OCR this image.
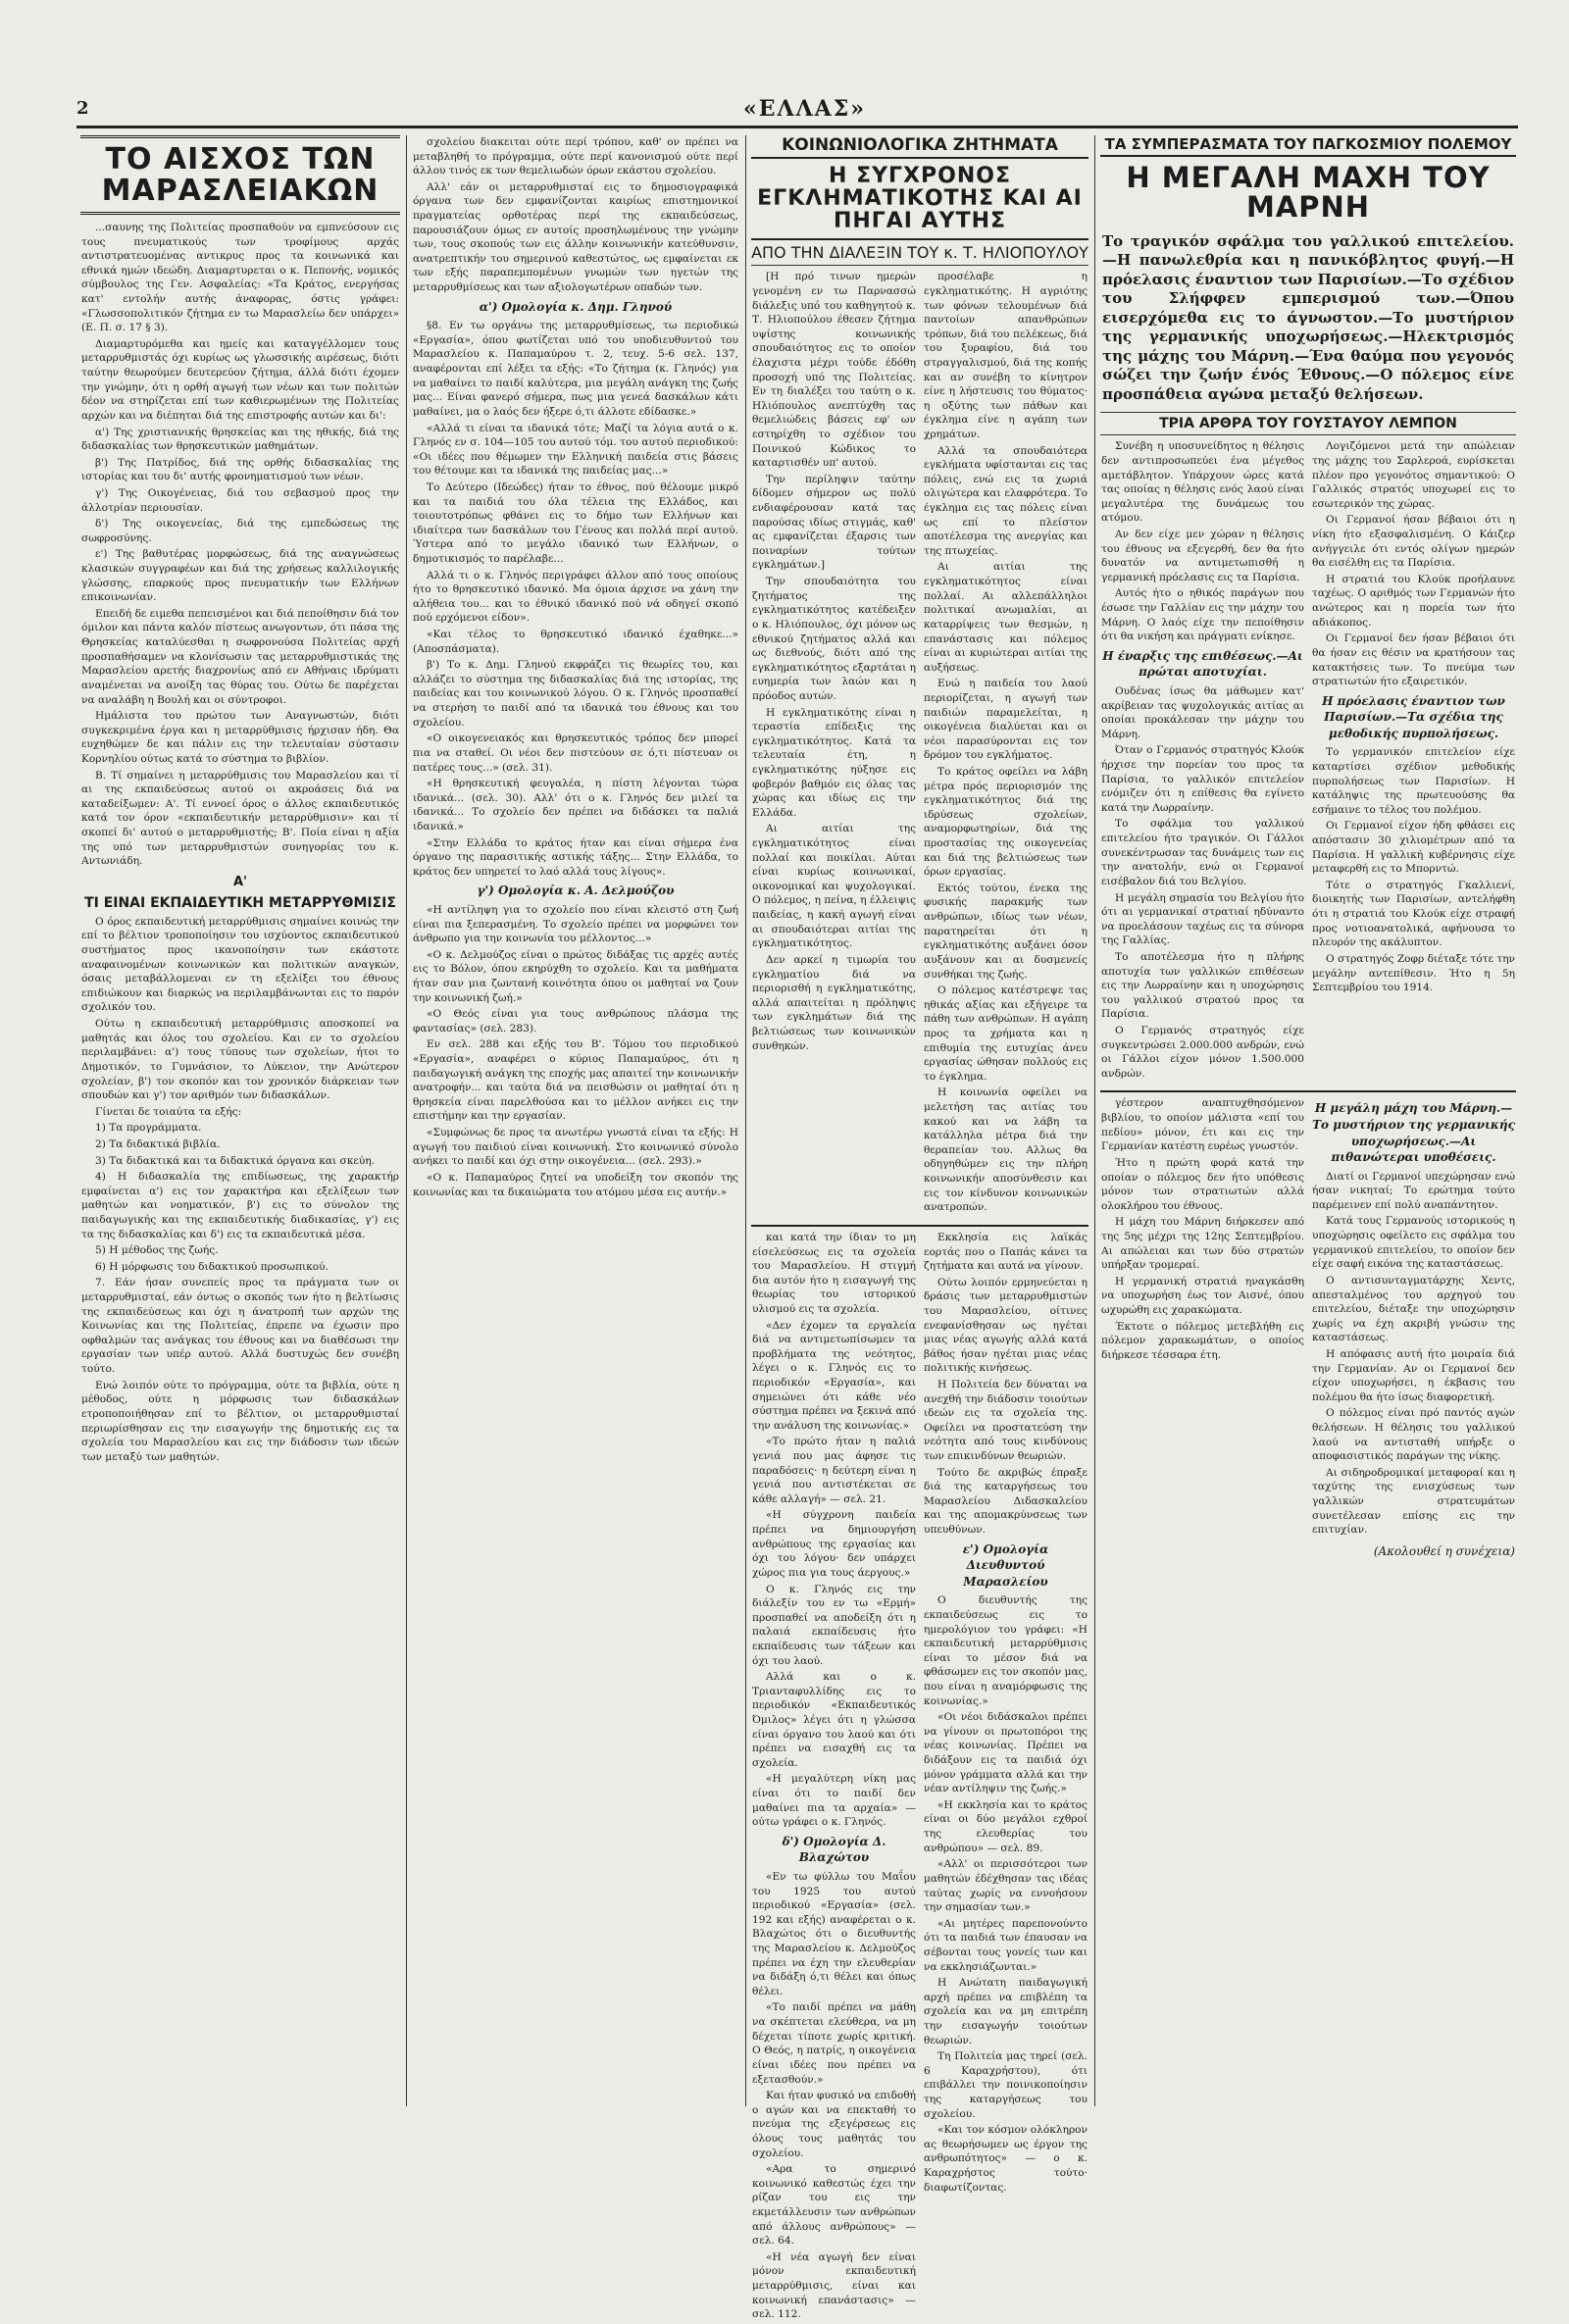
2	«ΕΛΛΑΣ»
ΤΟ ΑΙΣΧΟΣ ΤΩΝ ΜΑΡΑΣΛΕΙΑΚΩΝ

...σαυνης της Πολιτείας προσπαθούν να εμπνεύσουν εις τους πνευματικούς των τροφίμους αρχάς αντιστρατευομένας αντικρυς προς τα κοινωνικά και εθνικά ημών ιδεώδη. Διαμαρτυρεται ο κ. Πεπονής, νομικός σύμβουλος της Γεν. Ασφαλείας: «Τα Κράτος, ενεργήσας κατ' εντολήν αυτής άναφορας, όστις γράφει: «Γλωσσοπολιτικόν ζήτημα εν τω Μαρασλείω δεν υπάρχει» (Ε. Π. σ. 17 § 3).

Διαμαρτυρόμεθα και ημείς και καταγγέλλομεν τους μεταρρυθμιστάς όχι κυρίως ως γλωσσικής αιρέσεως, διότι ταύτην θεωρούμεν δευτερεύον ζήτημα, άλλά διότι έχομεν την γνώμην, ότι η ορθή αγωγή των νέων και των πολιτών δέον να στηρίζεται επί των καθιερωμένων της Πολιτείας αρχών και να διέπηται διά της επιστροφής αυτών και δι':

α') Της χριστιανικής θρησκείας και της ηθικής, διά της διδασκαλίας των θρησκευτικών μαθημάτων.

β') Της Πατρίδος, διά της ορθής διδασκαλίας της ιστορίας και του δι' αυτής φρονηματισμού των νέων.

γ') Της Οικογένειας, διά του σεβασμού προς την άλλοτρίαν περιουσίαν.

δ') Της οικογενείας, διά της εμπεδώσεως της σωφροσύνης.

ε') Της βαθυτέρας μορφώσεως, διά της αναγνώσεως κλασικών συγγραφέων και διά της χρήσεως καλλιλογικής γλώσσης, επαρκούς προς πνευματικήν των Ελλήνων επικοινωνίαν.

Επειδή δε ειμεθα πεπεισμένοι και διά πεποίθησιν διά τον όμιλον και πάντα καλόν πίστεως ανωγοντων, ότι πάσα της Θρησκείας καταλύεσθαι η σωφρονούσα Πολιτείας αρχή προσπαθήσαμεν να κλονίσωσιν τας μεταρρυθμιστικάς της Μαρασλείου αρετής διαχρονίως από εν Αθήναις ιδρύματι αναμένεται να ανοίξη τας θύρας του. Ούτω δε παρέχεται να αναλάβη η Βουλή και οι σύντροφοι.

Ημάλιστα του πρώτου των Αναγνωστών, διότι συγκεκριμένα έργα και η μεταρρύθμισις ήρχισαν ήδη. Θα ευχηθώμεν δε και πάλιν εις την τελευταίαν σύστασιν Κορνηλίου ούτως κατά το σύστημα το βιβλίον.

Β. Τί σημαίνει η μεταρρύθμισις του Μαρασλείου και τί αι της εκπαιδεύσεως αυτού οι ακροάσεις διά να καταδείξωμεν: Α'. Τί εννοεί όρος ο άλλος εκπαιδευτικός κατά τον όρον «εκπαιδευτικήν μεταρρύθμισιν» και τί σκοπεί δι' αυτού ο μεταρρυθμιστής; Β'. Ποία είναι η αξία της υπό των μεταρρυθμιστών συνηγορίας του κ. Αντωνιάδη.

Α'
ΤΙ ΕΙΝΑΙ ΕΚΠΑΙΔΕΥΤΙΚΗ ΜΕΤΑΡΡΥΘΜΙΣΙΣ

Ο όρος εκπαιδευτική μεταρρύθμισις σημαίνει κοινώς την επί το βέλτιον τροποποίησιν του ισχύοντος εκπαιδευτικού συστήματος προς ικανοποίησιν των εκάστοτε αναφαινομένων κοινωνικών και πολιτικών αναγκών, όσαις μεταβάλλομεναι εν τη εξελίξει του έθνους επιδιώκουν και διαρκώς να περιλαμβάνωνται εις το παρόν σχολικόν του.

Ούτω η εκπαιδευτική μεταρρύθμισις αποσκοπεί να μαθητάς και όλος του σχολείου. Και εν το σχολείου περιλαμβάνει: α') τους τύπους των σχολείων, ήτοι το Δημοτικόν, το Γυμνάσιον, το Λύκειον, την Ανώτερον σχολείαν, β') τον σκοπόν και τον χρονικόν διάρκειαν των σπουδών και γ') τον αριθμόν των διδασκάλων.

Γίνεται δε τοιαύτα τα εξής:

1) Τα προγράμματα.

2) Τα διδακτικά βιβλία.

3) Τα διδακτικά και τα διδακτικά όργανα και σκεύη.

4) Η διδασκαλία της επιδίωσεως, της χαρακτήρ εμφαίνεται α') εις τον χαρακτήρα και εξελίξεων των μαθητών και νοηματικόν, β') εις το σύνολον της παιδαγωγικής και της εκπαιδευτικής διαδικασίας, γ') εις τα της διδασκαλίας και δ') εις τα εκπαιδευτικά μέσα.

5) Η μέθοδος της ζωής.

6) Η μόρφωσις του διδακτικού προσωπικού.

7. Εάν ήσαν συνεπείς προς τα πράγματα των οι μεταρρυθμισταί, εάν όντως ο σκοπός των ήτο η βελτίωσις της εκπαιδεύσεως και όχι η άνατροπή των αρχών της Κοινωνίας και της Πολιτείας, έπρεπε να έχωσιν προ οφθαλμών τας ανάγκας του έθνους και να διαθέσωσι την εργασίαν των υπέρ αυτού. Αλλά δυστυχώς δεν συνέβη τούτο.

Ενώ λοιπόν ούτε το πρόγραμμα, ούτε τα βιβλία, ούτε η μέθοδος, ούτε η μόρφωσις των διδασκάλων ετροποποιήθησαν επί το βέλτιον, οι μεταρρυθμισταί περιωρίσθησαν εις την εισαγωγήν της δημοτικής εις τα σχολεία του Μαρασλείου και εις την διάδοσιν των ιδεών των μεταξύ των μαθητών.

σχολείου διακειται ούτε περί τρόπου, καθ' ον πρέπει να μεταβληθή το πρόγραμμα, ούτε περί κανονισμού ούτε περί άλλου τινός εκ των θεμελιωδών όρων εκάστου σχολείου.

Αλλ' εάν οι μεταρρυθμισταί εις το δημοσιογραφικά όργανα των δεν εμφανίζονται καιρίως επιστημονικοί πραγματείας ορθοτέρας περί της εκπαιδεύσεως, παρουσιάζουν όμως εν αυτοίς προσηλωμένους την γνώμην των, τους σκοπούς των εις άλλην κοινωνικήν κατεύθυνσιν, ανατρεπτικήν του σημερινού καθεστώτος, ως εμφαίνεται εκ των εξής παραπεμπομένων γνωμών των ηγετών της μεταρρυθμίσεως και των αξιολογωτέρων οπαδών των.

α') Ομολογία κ. Δημ. Γληνού

§8. Εν τω οργάνω της μεταρρυθμίσεως, τω περιοδικώ «Εργασία», όπου φωτίζεται υπό του υποδιευθυντού του Μαρασλείου κ. Παπαμαύρου τ. 2, τευχ. 5-6 σελ. 137, αναφέρονται επί λέξει τα εξής: «Το ζήτημα (κ. Γληνός) για να μαθαίνει το παιδί καλύτερα, μια μεγάλη ανάγκη της ζωής μας... Είναι φανερό σήμερα, πως μια γενεά δασκάλων κάτι μαθαίνει, μα ο λαός δεν ήξερε ό,τι άλλοτε εδίδασκε.»

«Αλλά τι είναι τα ιδανικά τότε; Μαζί τα λόγια αυτά ο κ. Γληνός εν σ. 104—105 του αυτού τόμ. του αυτού περιοδικού: «Οι ιδέες που θέμωμεν την Ελληνική παιδεία στις βάσεις του θέτουμε και τα ιδανικά της παιδείας μας...»

Το Δεύτερο (Ιδεώδες) ήταν το έθνος, πού θέλουμε μικρό και τα παιδιά του όλα τέλεια της Ελλάδος, και τοιουτοτρόπως φθάνει εις το δήμο των Ελλήνων και ιδιαίτερα των δασκάλων του Γένους και πολλά περί αυτού. Ύστερα από το μεγάλο ιδανικό των Ελλήνων, ο δημοτικισμός το παρέλαβε...

Αλλά τι ο κ. Γληνός περιγράφει άλλον από τους οποίους ήτο το θρησκευτικό ιδανικό. Μα όμοια άρχισε να χάνη την αλήθεια του... και το έθνικό ιδανικό πού νά οδηγεί σκοπό πού ερχόμενοι είδον».

«Και τέλος το θρησκευτικό ιδανικό έχαθηκε...» (Αποσπάσματα).

β') Το κ. Δημ. Γληνού εκφράζει τις θεωρίες του, και αλλάζει το σύστημα της διδασκαλίας διά της ιστορίας, της παιδείας και του κοινωνικού λόγου. Ο κ. Γληνός προσπαθεί να στερήση το παιδί από τα ιδανικά του έθνους και του σχολείου.

«Ο οικογενειακός και θρησκευτικός τρόπος δεν μπορεί πια να σταθεί. Οι νέοι δεν πιστεύουν σε ό,τι πίστευαν οι πατέρες τους...» (σελ. 31).

«Η θρησκευτική φευγαλέα, η πίστη λέγονται τώρα ιδανικά... (σελ. 30). Αλλ' ότι ο κ. Γληνός δεν μιλεί τα ιδανικά... Το σχολείο δεν πρέπει να διδάσκει τα παλιά ιδανικά.»

«Στην Ελλάδα το κράτος ήταν και είναι σήμερα ένα όργανο της παρασιτικής αστικής τάξης... Στην Ελλάδα, το κράτος δεν υπηρετεί το λαό αλλά τους λίγους».

γ') Ομολογία κ. Α. Δελμούζου

«Η αντίληψη για το σχολείο που είναι κλειστό στη ζωή είναι πια ξεπερασμένη. Το σχολείο πρέπει να μορφώνει τον άνθρωπο για την κοινωνία του μέλλοντος...»

«Ο κ. Δελμούζος είναι ο πρώτος διδάξας τις αρχές αυτές εις το Βόλον, όπου εκηρύχθη το σχολείο. Και τα μαθήματα ήταν σαν μια ζωντανή κοινότητα όπου οι μαθηταί να ζουν την κοινωνική ζωή.»

«Ο Θεός είναι για τους ανθρώπους πλάσμα της φαντασίας» (σελ. 283).

Εν σελ. 288 και εξής του Β'. Τόμου του περιοδικού «Εργασία», αναφέρει ο κύριος Παπαμαύρος, ότι η παιδαγωγική ανάγκη της εποχής μας απαιτεί την κοινωνικήν ανατροφήν... και ταύτα διά να πεισθώσιν οι μαθηταί ότι η θρησκεία είναι παρελθούσα και το μέλλον ανήκει εις την επιστήμην και την εργασίαν.

«Συμφώνως δε προς τα ανωτέρω γνωστά είναι τα εξής: Η αγωγή του παιδιού είναι κοινωνική. Στο κοινωνικό σύνολο ανήκει το παιδί και όχι στην οικογένεια... (σελ. 293).»

«Ο κ. Παπαμαύρος ζητεί να υποδείξη τον σκοπόν της κοινωνίας και τα δικαιώματα του ατόμου μέσα εις αυτήν.»

ΚΟΙΝΩΝΙΟΛΟΓΙΚΑ ΖΗΤΗΜΑΤΑ
Η ΣΥΓΧΡΟΝΟΣ ΕΓΚΛΗΜΑΤΙΚΟΤΗΣ ΚΑΙ ΑΙ ΠΗΓΑΙ ΑΥΤΗΣ
ΑΠΟ ΤΗΝ ΔΙΑΛΕΞΙΝ ΤΟΥ κ. Τ. ΗΛΙΟΠΟΥΛΟΥ

[Η πρό τινων ημερών γενομένη εν τω Παρνασσώ διάλεξις υπό του καθηγητού κ. Τ. Ηλιοπούλου έθεσεν ζήτημα υψίστης κοινωνικής σπουδαιότητος εις το οποίον έλαχιστα μέχρι τούδε έδόθη προσοχή υπό της Πολιτείας. Εν τη διαλέξει του ταύτη ο κ. Ηλιόπουλος ανεπτύχθη τας θεμελιώδεις βάσεις εφ' ων εστηρίχθη το σχέδιον του Ποινικού Κώδικος το καταρτισθέν υπ' αυτού.

Την περίληψιν ταύτην δίδομεν σήμερον ως πολύ ενδιαφέρουσαν κατά τας παρούσας ιδίως στιγμάς, καθ' ας εμφανίζεται έξαρσις των ποιναρίων τούτων εγκλημάτων.]

Την σπουδαιότητα του ζητήματος της εγκληματικότητος κατέδειξεν ο κ. Ηλιόπουλος, όχι μόνον ως εθνικού ζητήματος αλλά και ως διεθνούς, διότι από της εγκληματικότητος εξαρτάται η ευημερία των λαών και η πρόοδος αυτών.

Η εγκληματικότης είναι η τεραστία επίδειξις της εγκληματικότητος. Κατά τα τελευταία έτη, η εγκληματικότης ηύξησε εις φοβερόν βαθμόν εις όλας τας χώρας και ιδίως εις την Ελλάδα.

Αι αιτίαι της εγκληματικότητος είναι πολλαί και ποικίλαι. Αύται είναι κυρίως κοινωνικαί, οικονομικαί και ψυχολογικαί. Ο πόλεμος, η πείνα, η έλλειψις παιδείας, η κακή αγωγή είναι αι σπουδαιότεραι αιτίαι της εγκληματικότητος.

Δεν αρκεί η τιμωρία του εγκληματίου διά να περιορισθή η εγκληματικότης, αλλά απαιτείται η πρόληψις των εγκλημάτων διά της βελτιώσεως των κοινωνικών συνθηκών.

προσέλαβε η εγκληματικότης. Η αγριότης των φόνων τελουμένων διά παντοίων απανθρώπων τρόπων, διά του πελέκεως, διά του ξυραφίου, διά του στραγγαλισμού, διά της κοπής και αν συνέβη το κίνητρον είνε η λήστευσις του θύματος· η οξύτης των πάθων και έγκλημα είνε η αγάπη των χρημάτων.

Αλλά τα σπουδαιότερα εγκλήματα υφίστανται εις τας πόλεις, ενώ εις τα χωριά ολιγώτερα και ελαφρότερα. Το έγκλημα εις τας πόλεις είναι ως επί το πλείστον αποτέλεσμα της ανεργίας και της πτωχείας.

Αι αιτίαι της εγκληματικότητος είναι πολλαί. Αι αλλεπάλληλοι πολιτικαί ανωμαλίαι, αι καταρρίψεις των θεσμών, η επανάστασις και πόλεμος είναι αι κυριώτεραι αιτίαι της αυξήσεως.

Ενώ η παιδεία του λαού περιορίζεται, η αγωγή των παιδιών παραμελείται, η οικογένεια διαλύεται και οι νέοι παρασύρονται εις τον δρόμον του εγκλήματος.

Το κράτος οφείλει να λάβη μέτρα πρός περιορισμόν της εγκληματικότητος διά της ιδρύσεως σχολείων, αναμορφωτηρίων, διά της προστασίας της οικογενείας και διά της βελτιώσεως των όρων εργασίας.

Εκτός τούτου, ένεκα της φυσικής παρακμής των ανθρώπων, ιδίως των νέων, παρατηρείται ότι η εγκληματικότης αυξάνει όσον αυξάνουν και αι δυσμενείς συνθήκαι της ζωής.

Ο πόλεμος κατέστρεψε τας ηθικάς αξίας και εξήγειρε τα πάθη των ανθρώπων. Η αγάπη προς τα χρήματα και η επιθυμία της ευτυχίας άνευ εργασίας ώθησαν πολλούς εις το έγκλημα.

Η κοινωνία οφείλει να μελετήση τας αιτίας του κακού και να λάβη τα κατάλληλα μέτρα διά την θεραπείαν του. Αλλως θα οδηγηθώμεν εις την πλήρη κοινωνικήν αποσύνθεσιν και εις τον κίνδυνον κοινωνικών ανατροπών.

και κατά την ίδιαν το μη είσελεύσεως εις τα σχολεία του Μαρασλείου. Η στιγμή δια αυτόν ήτο η εισαγωγή της θεωρίας του ιστορικού υλισμού εις τα σχολεία.

«Δεν έχομεν τα εργαλεία διά να αντιμετωπίσωμεν τα προβλήματα της νεότητος, λέγει ο κ. Γληνός εις το περιοδικόν «Εργασία», και σημειώνει ότι κάθε νέο σύστημα πρέπει να ξεκινά από την ανάλυση της κοινωνίας.»

«Το πρώτο ήταν η παλιά γενιά που μας άφησε τις παραδόσεις· η δεύτερη είναι η γενιά που αντιστέκεται σε κάθε αλλαγή» — σελ. 21.

«Η σύγχρονη παιδεία πρέπει να δημιουργήση ανθρώπους της εργασίας και όχι του λόγου· δεν υπάρχει χώρος πια για τους άεργους.»

Ο κ. Γληνός εις την διάλεξίν του εν τω «Ερμή» προσπαθεί να αποδείξη ότι η παλαιά εκπαίδευσις ήτο εκπαίδευσις των τάξεων και όχι του λαού.

Αλλά και ο κ. Τριανταφυλλίδης εις το περιοδικόν «Εκπαιδευτικός Όμιλος» λέγει ότι η γλώσσα είναι όργανο του λαού και ότι πρέπει να εισαχθή εις τα σχολεία.

«Η μεγαλύτερη νίκη μας είναι ότι το παιδί δεν μαθαίνει πια τα αρχαία» — ούτω γράφει ο κ. Γληνός.

δ') Ομολογία Δ. Βλαχώτου

«Εν τω φύλλω του Μαΐου του 1925 του αυτού περιοδικού «Εργασία» (σελ. 192 και εξής) αναφέρεται ο κ. Βλαχώτος ότι ο διευθυντής της Μαρασλείου κ. Δελμούζος πρέπει να έχη την ελευθερίαν να διδάξη ό,τι θέλει και όπως θέλει.

«Το παιδί πρέπει να μάθη να σκέπτεται ελεύθερα, να μη δέχεται τίποτε χωρίς κριτική. Ο Θεός, η πατρίς, η οικογένεια είναι ιδέες που πρέπει να εξετασθούν.»

Και ήταν φυσικό να επιδοθή ο αγών και να επεκταθή το πνεύμα της εξεγέρσεως εις όλους τους μαθητάς του σχολείου.

«Αρα το σημερινό κοινωνικό καθεστώς έχει την ρίζαν του εις την εκμετάλλευσιν των ανθρώπων από άλλους ανθρώπους» — σελ. 64.

«Η νέα αγωγή δεν είναι μόνον εκπαιδευτική μεταρρύθμισις, είναι και κοινωνική επανάστασις» — σελ. 112.

Εκκλησία εις λαϊκάς εορτάς που ο Παπάς κάνει τα ζητήματα και αυτά να γίνουν.

Ούτω λοιπόν ερμηνεύεται η δράσις των μεταρρυθμιστών του Μαρασλείου, οίτινες ενεφανίσθησαν ως ηγέται μιας νέας αγωγής αλλά κατά βάθος ήσαν ηγέται μιας νέας πολιτικής κινήσεως.

Η Πολιτεία δεν δύναται να ανεχθή την διάδοσιν τοιούτων ιδεών εις τα σχολεία της. Οφείλει να προστατεύση την νεότητα από τους κινδύνους των επικινδύνων θεωριών.

Τούτο δε ακριβώς έπραξε διά της καταργήσεως του Μαρασλείου Διδασκαλείου και της απομακρύνσεως των υπευθύνων.

ε') Ομολογία Διευθυντού Μαρασλείου

Ο διευθυντής της εκπαιδεύσεως εις το ημερολόγιον του γράφει: «Η εκπαιδευτική μεταρρύθμισις είναι το μέσον διά να φθάσωμεν εις τον σκοπόν μας, που είναι η αναμόρφωσις της κοινωνίας.»

«Οι νέοι διδάσκαλοι πρέπει να γίνουν οι πρωτοπόροι της νέας κοινωνίας. Πρέπει να διδάξουν εις τα παιδιά όχι μόνον γράμματα αλλά και την νέαν αντίληψιν της ζωής.»

«Η εκκλησία και το κράτος είναι οι δύο μεγάλοι εχθροί της ελευθερίας του ανθρώπου» — σελ. 89.

«Αλλ' οι περισσότεροι των μαθητών έδέχθησαν τας ιδέας ταύτας χωρίς να εννοήσουν την σημασίαν των.»

«Αι μητέρες παρεπονούντο ότι τα παιδιά των έπαυσαν να σέβονται τους γονείς των και να εκκλησιάζωνται.»

Η Ανώτατη παιδαγωγική αρχή πρέπει να επιβλέπη τα σχολεία και να μη επιτρέπη την εισαγωγήν τοιούτων θεωριών.

Τη Πολιτεία μας τηρεί (σελ. 6 Καραχρήστου), ότι επιβάλλει την ποινικοποίησιν της καταργήσεως του σχολείου.

«Και τον κόσμον ολόκληρον ας θεωρήσωμεν ως έργον της ανθρωπότητος» — ο κ. Καραχρήστος τούτο· διαφωτίζοντας.

ΤΑ ΣΥΜΠΕΡΑΣΜΑΤΑ ΤΟΥ ΠΑΓΚΟΣΜΙΟΥ ΠΟΛΕΜΟΥ
Η ΜΕΓΑΛΗ ΜΑΧΗ ΤΟΥ ΜΑΡΝΗ
Το τραγικόν σφάλμα του γαλλικού επιτελείου.—Η πανωλεθρία και η πανικόβλητος φυγή.—Η πρόελασις έναντιον των Παρισίων.—Το σχέδιον του Σλήφφεν εμπερισμού των.—Όπου εισερχόμεθα εις το άγνωστον.—Το μυστήριον της γερμανικής υποχωρήσεως.—Ηλεκτρισμός της μάχης του Μάρνη.—Ένα θαύμα που γεγονός σώζει την ζωήν ένός Έθνους.—Ο πόλεμος είνε προσπάθεια αγώνα μεταξύ θελήσεων.
ΤΡΙΑ ΑΡΘΡΑ ΤΟΥ ΓΟΥΣΤΑΥΟΥ ΛΕΜΠΟΝ

Συνέβη η υποσυνείδητος η θέλησις δεν αντιπροσωπεύει ένα μέγεθος αμετάβλητον. Υπάρχουν ώρες κατά τας οποίας η θέλησις ενός λαού είναι μεγαλυτέρα της δυνάμεως του ατόμου.

Αν δεν είχε μεν χώραν η θέλησις του έθνους να εξεγερθή, δεν θα ήτο δυνατόν να αντιμετωπισθή η γερμανική πρόελασις εις τα Παρίσια.

Αυτός ήτο ο ηθικός παράγων που έσωσε την Γαλλίαν εις την μάχην του Μάρνη. Ο λαός είχε την πεποίθησιν ότι θα νικήση και πράγματι ενίκησε.

Η έναρξις της επιθέσεως.—Αι πρώται αποτυχίαι.

Ουδένας ίσως θα μάθωμεν κατ' ακρίβειαν τας ψυχολογικάς αιτίας αι οποίαι προκάλεσαν την μάχην του Μάρνη.

Όταν ο Γερμανός στρατηγός Κλούκ ήρχισε την πορείαν του προς τα Παρίσια, το γαλλικόν επιτελείον ενόμιζεν ότι η επίθεσις θα εγίνετο κατά την Λωρραίνην.

Το σφάλμα του γαλλικού επιτελείου ήτο τραγικόν. Οι Γάλλοι συνεκέντρωσαν τας δυνάμεις των εις την ανατολήν, ενώ οι Γερμανοί εισέβαλον διά του Βελγίου.

Η μεγάλη σημασία του Βελγίου ήτο ότι αι γερμανικαί στρατιαί ηδύναντο να προελάσουν ταχέως εις τα σύνορα της Γαλλίας.

Το αποτέλεσμα ήτο η πλήρης αποτυχία των γαλλικών επιθέσεων εις την Λωρραίνην και η υποχώρησις του γαλλικού στρατού προς τα Παρίσια.

Ο Γερμανός στρατηγός είχε συγκεντρώσει 2.000.000 ανδρών, ενώ οι Γάλλοι είχον μόνον 1.500.000 ανδρών.

Λογιζόμενοι μετά την απώλειαν της μάχης του Σαρλεροά, ευρίσκεται πλέον προ γεγονότος σημαντικού: Ο Γαλλικός στρατός υποχωρεί εις το εσωτερικόν της χώρας.

Οι Γερμανοί ήσαν βέβαιοι ότι η νίκη ήτο εξασφαλισμένη. Ο Κάιζερ ανήγγειλε ότι εντός ολίγων ημερών θα εισέλθη εις τα Παρίσια.

Η στρατιά του Κλούκ προήλαυνε ταχέως. Ο αριθμός των Γερμανών ήτο ανώτερος και η πορεία των ήτο αδιάκοπος.

Οι Γερμανοί δεν ήσαν βέβαιοι ότι θα ήσαν εις θέσιν να κρατήσουν τας κατακτήσεις των. Το πνεύμα των στρατιωτών ήτο εξαιρετικόν.

Η πρόελασις έναντιον των Παρισίων.—Τα σχέδια της μεθοδικής πυρπολήσεως.

Το γερμανικόν επιτελείον είχε καταρτίσει σχέδιον μεθοδικής πυρπολήσεως των Παρισίων. Η κατάληψις της πρωτευούσης θα εσήμαινε το τέλος του πολέμου.

Οι Γερμανοί είχον ήδη φθάσει εις απόστασιν 30 χιλιομέτρων από τα Παρίσια. Η γαλλική κυβέρνησις είχε μεταφερθή εις το Μπορντώ.

Τότε ο στρατηγός Γκαλλιενί, διοικητής των Παρισίων, αντελήφθη ότι η στρατιά του Κλούκ είχε στραφή προς νοτιοανατολικά, αφήνουσα το πλευρόν της ακάλυπτον.

Ο στρατηγός Ζοφρ διέταξε τότε την μεγάλην αντεπίθεσιν. Ήτο η 5η Σεπτεμβρίου του 1914.

γέστερον αναπτυχθησόμενον βιβλίου, το οποίον μάλιστα «επί του πεδίου» μόνον, έτι και εις την Γερμανίαν κατέστη ευρέως γνωστόν.

Ήτο η πρώτη φορά κατά την οποίαν ο πόλεμος δεν ήτο υπόθεσις μόνον των στρατιωτών αλλά ολοκλήρου του έθνους.

Η μάχη του Μάρνη διήρκεσεν από της 5ης μέχρι της 12ης Σεπτεμβρίου. Αι απώλειαι και των δύο στρατών υπήρξαν τρομεραί.

Η γερμανική στρατιά ηναγκάσθη να υποχωρήση έως τον Αισνέ, όπου ωχυρώθη εις χαρακώματα.

Έκτοτε ο πόλεμος μετεβλήθη εις πόλεμον χαρακωμάτων, ο οποίος διήρκεσε τέσσαρα έτη.

Η μεγάλη μάχη του Μάρνη.—Το μυστήριον της γερμανικής υποχωρήσεως.—Αι πιθανώτεραι υποθέσεις.

Διατί οι Γερμανοί υπεχώρησαν ενώ ήσαν νικηταί; Το ερώτημα τούτο παρέμεινεν επί πολύ αναπάντητον.

Κατά τους Γερμανούς ιστορικούς η υποχώρησις οφείλετο εις σφάλμα του γερμανικού επιτελείου, το οποίον δεν είχε σαφή εικόνα της καταστάσεως.

Ο αντισυνταγματάρχης Χεντς, απεσταλμένος του αρχηγού του επιτελείου, διέταξε την υποχώρησιν χωρίς να έχη ακριβή γνώσιν της καταστάσεως.

Η απόφασις αυτή ήτο μοιραία διά την Γερμανίαν. Αν οι Γερμανοί δεν είχον υποχωρήσει, η έκβασις του πολέμου θα ήτο ίσως διαφορετική.

Ο πόλεμος είναι πρό παντός αγών θελήσεων. Η θέλησις του γαλλικού λαού να αντισταθή υπήρξε ο αποφασιστικός παράγων της νίκης.

Αι σιδηροδρομικαί μεταφοραί και η ταχύτης της ενισχύσεως των γαλλικών στρατευμάτων συνετέλεσαν επίσης εις την επιτυχίαν.

(Ακολουθεί η συνέχεια)
